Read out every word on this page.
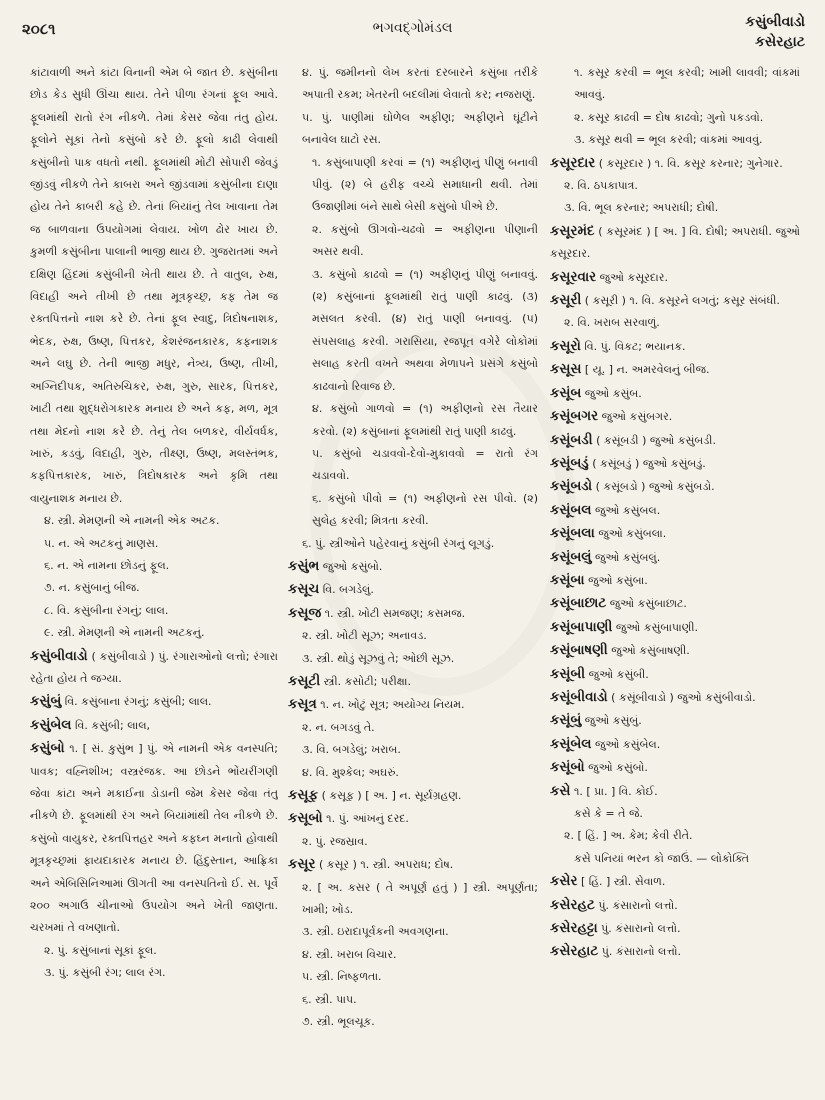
૨૦૮૧	ભગવદ્ગોમંડલ	કસુંબીવાડો
કસેરહાટ

કાંટાવાળી અને કાંટા વિનાની એમ બે જાત છે. કસુંબીના છોડ કેડ સુધી ઊંચા થાય. તેને પીળા રંગનાં ફૂલ આવે. ફૂલમાંથી રાતો રંગ નીકળે. તેમાં કેસર જેવા તંતુ હોય. ફૂલોને સૂકાં તેનો કસુંબો કરે છે. ફૂલો કાઢી લેવાથી કસુંબીનો પાક વધતો નથી. ફૂલમાંથી મોટી સોપારી જેવડું જીંડવું નીકળે તેને કાબરા અને જીંડવામાં કસુંબીના દાણા હોય તેને કાબરી કહે છે. તેનાં બિયાંનું તેલ ખાવાના તેમ જ બાળવાના ઉપયોગમાં લેવાય. ખોળ ઢોર ખાય છે. કુમળી કસુંબીના પાલાની ભાજી થાય છે. ગુજરાતમાં અને દક્ષિણ હિંદમાં કસુંબીની ખેતી થાય છે. તે વાતુલ, રુક્ષ, વિદાહી અને તીખી છે તથા મૂત્રકૃચ્છ્ર, કફ તેમ જ રક્તપિત્તનો નાશ કરે છે. તેનાં ફૂલ સ્વાદુ, ત્રિદોષનાશક, ભેદક, રુક્ષ, ઉષ્ણ, પિત્તકર, કેશરંજનકારક, કફનાશક અને લઘુ છે. તેની ભાજી મધુર, નેત્ર્ય, ઉષ્ણ, તીખી, અગ્નિદીપક, અતિરુચિકર, રુક્ષ, ગુરુ, સારક, પિત્તકર, ખાટી તથા શુદ્ધરોગકારક મનાય છે અને કફ, મળ, મૂત્ર તથા મેદનો નાશ કરે છે. તેનું તેલ બળકર, વીર્યવર્ધક, ખારું, કડવું, વિદાહી, ગુરુ, તીક્ષ્ણ, ઉષ્ણ, મલસ્તંભક, કફપિત્તકારક, ખારું, ત્રિદોષકારક અને કૃમિ તથા વાયુનાશક મનાય છે.

૪. સ્ત્રી. મેમણની એ નામની એક અટક.

૫. ન. એ અટકનું માણસ.

૬. ન. એ નામના છોડનું ફૂલ.

૭. ન. કસુંબાનું બીજ.

૮. વિ. કસુંબીના રંગનું; લાલ.

૯. સ્ત્રી. મેમણની એ નામની અટકનું.

કસુંબીવાડો ( કસુંબીવાડો ) પું. રંગારાઓનો લત્તો; રંગારા રહેતા હોય તે જગ્યા.

કસુંબું વિ. કસુંબાના રંગનું; કસુંબી; લાલ.

કસુંબેલ વિ. કસુંબી; લાલ,

કસુંબો ૧. [ સં. કુસુંભ ] પું. એ નામની એક વનસ્પતિ; પાવક; વહ્નિશીખ; વસ્ત્રરંજક. આ છોડને ભોંયરીંગણી જેવા કાંટા અને મકાઈના ડોડાની જેમ કેસર જેવા તંતુ નીકળે છે. ફૂલમાંથી રંગ અને બિયાંમાંથી તેલ નીકળે છે. કસુંબો વાયુકર, રક્તપિત્તહર અને કફઘ્ન મનાતો હોવાથી મૂત્રકૃચ્છ્રમાં ફાયદાકારક મનાય છે. હિંદુસ્તાન, આફ્રિકા અને એબિસિનિઆમાં ઊગતી આ વનસ્પતિનો ઈ. સ. પૂર્વે ૨૦૦ અગાઉ ચીનાઓ ઉપયોગ અને ખેતી જાણતા. ચરખમાં તે વખણાતો.

૨. પું. કસુંબાનાં સૂકાં ફૂલ.

૩. પું. કસુંબી રંગ; લાલ રંગ.

૪. પું. જમીનનો લેખ કરતાં દરબારને કસુંબા તરીકે અપાતી રકમ; ખેતરની બદલીમાં લેવાતો કર; નજરાણું.

૫. પું. પાણીમાં ઘોળેલ અફીણ; અફીણને ઘૂંટીને બનાવેલ ઘાટો રસ.

૧. કસુંબાપાણી કરવાં = (૧) અફીણનું પીણું બનાવી પીવું. (૨) બે હરીફ વચ્ચે સમાધાની થવી. તેમાં ઉજાણીમાં બંને સાથે બેસી કસુંબો પીએ છે.

૨. કસુંબો ઊગવો-ચઢવો = અફીણના પીણાની અસર થવી.

૩. કસુંબો કાઢવો = (૧) અફીણનું પીણું બનાવવું. (૨) કસુંબાનાં ફૂલમાંથી રાતું પાણી કાઢવું. (૩) મસલત કરવી. (૪) રાતું પાણી બનાવવું. (૫) સંપસલાહ કરવી. ગરાસિયા, રજપૂત વગેરે લોકોમાં સલાહ કરતી વખતે અથવા મેળાપને પ્રસંગે કસુંબો કાઢવાનો રિવાજ છે.

૪. કસુંબો ગાળવો = (૧) અફીણનો રસ તૈયાર કરવો. (૨) કસુંબાનાં ફૂલમાંથી રાતું પાણી કાઢવું.

૫. કસુંબો ચડાવવો-દેવો-મુકાવવો = રાતો રંગ ચડાવવો.

૬. કસુંબો પીવો = (૧) અફીણનો રસ પીવો. (૨) સુલેહ કરવી; મિત્રતા કરવી.

૬. પું. સ્ત્રીઓને પહેરવાનું કસુંબી રંગનું લૂગડું.

કસુંભ જુઓ કસુંબો.

કસૂચ વિ. બગડેલું.

કસૂજ ૧. સ્ત્રી. ખોટી સમજણ; કસમજ.

૨. સ્ત્રી. ખોટી સૂઝ; અનાવડ.

૩. સ્ત્રી. થોડું સૂઝવું તે; ઓછી સૂઝ.

કસૂટી સ્ત્રી. કસોટી; પરીક્ષા.

કસૂત્ર ૧. ન. ખોટું સૂત્ર; અયોગ્ય નિયમ.

૨. ન. બગડવું તે.

૩. વિ. બગડેલું; ખરાબ.

૪. વિ. મુશ્કેલ; અઘરું.

કસૂફ ( કસૂફ ) [ અ. ] ન. સૂર્યગ્રહણ.

કસૂબો ૧. પું. આંખનું દરદ.

૨. પું. રજસ્રાવ.

કસૂર ( કસૂર ) ૧. સ્ત્રી. અપરાધ; દોષ.

૨. [ અ. કસર ( તે અપૂર્ણ હતું ) ] સ્ત્રી. અપૂર્ણતા; ખામી; ખોડ.

૩. સ્ત્રી. ઇરાદાપૂર્વકની અવગણના.

૪. સ્ત્રી. ખરાબ વિચાર.

૫. સ્ત્રી. નિષ્ફળતા.

૬. સ્ત્રી. પાપ.

૭. સ્ત્રી. ભૂલચૂક.

૧. કસૂર કરવી = ભૂલ કરવી; ખામી લાવવી; વાંકમાં આવવું.

૨. કસૂર કાઢવી = દોષ કાઢવો; ગુનો પકડવો.

૩. કસૂર થવી = ભૂલ કરવી; વાંકમાં આવવું.

કસૂરદાર ( કસૂરદાર ) ૧. વિ. કસૂર કરનાર; ગુનેગાર.

૨. વિ. ઠપકાપાત્ર.

૩. વિ. ભૂલ કરનાર; અપરાધી; દોષી.

કસૂરમંદ ( કસૂરમંદ ) [ અ. ] વિ. દોષી; અપરાધી. જુઓ કસૂરદાર.

કસૂરવાર જુઓ કસૂરદાર.

કસૂરી ( કસૂરી ) ૧. વિ. કસૂરને લગતું; કસૂર સંબંધી.

૨. વિ. ખરાબ સરવાળું.

કસૂરો વિ. પું. વિકટ; ભયાનક.

કસૂસ [ યૂ. ] ન. અમરવેલનું બીજ.

કસૂંબ જુઓ કસુંબ.

કસૂંબગર જુઓ કસુંબગર.

કસૂંબડી ( કસૂંબડી ) જુઓ કસુંબડી.

કસૂંબડું ( કસૂંબડું ) જુઓ કસુંબડું.

કસૂંબડો ( કસૂંબડો ) જુઓ કસુંબડો.

કસૂંબલ જુઓ કસુંબલ.

કસૂંબલા જુઓ કસુંબલા.

કસૂંબલું જુઓ કસુંબલું.

કસૂંબા જુઓ કસુંબા.

કસૂંબાછાટ જુઓ કસુંબાછાટ.

કસૂંબાપાણી જુઓ કસુંબાપાણી.

કસૂંબાષણી જુઓ કસુંબાષણી.

કસૂંબી જુઓ કસુંબી.

કસૂંબીવાડો ( કસૂંબીવાડો ) જુઓ કસુંબીવાડો.

કસૂંબું જુઓ કસુંબું.

કસૂંબેલ જુઓ કસુંબેલ.

કસૂંબો જુઓ કસુંબો.

કસે ૧. [ પ્રા. ] વિ. કોઈ.

કસે કે = તે જે.

૨. [ હિં. ] અ. કેમ; કેવી રીતે.

કસે પનિયાં ભરન કો જાઉં. — લોકોક્તિ

કસેર [ હિં. ] સ્ત્રી. સેવાળ.

કસેરહટ પું. કંસારાનો લત્તો.

કસેરહટ્ટા પું. કંસારાનો લત્તો.

કસેરહાટ પું. કંસારાનો લત્તો.
